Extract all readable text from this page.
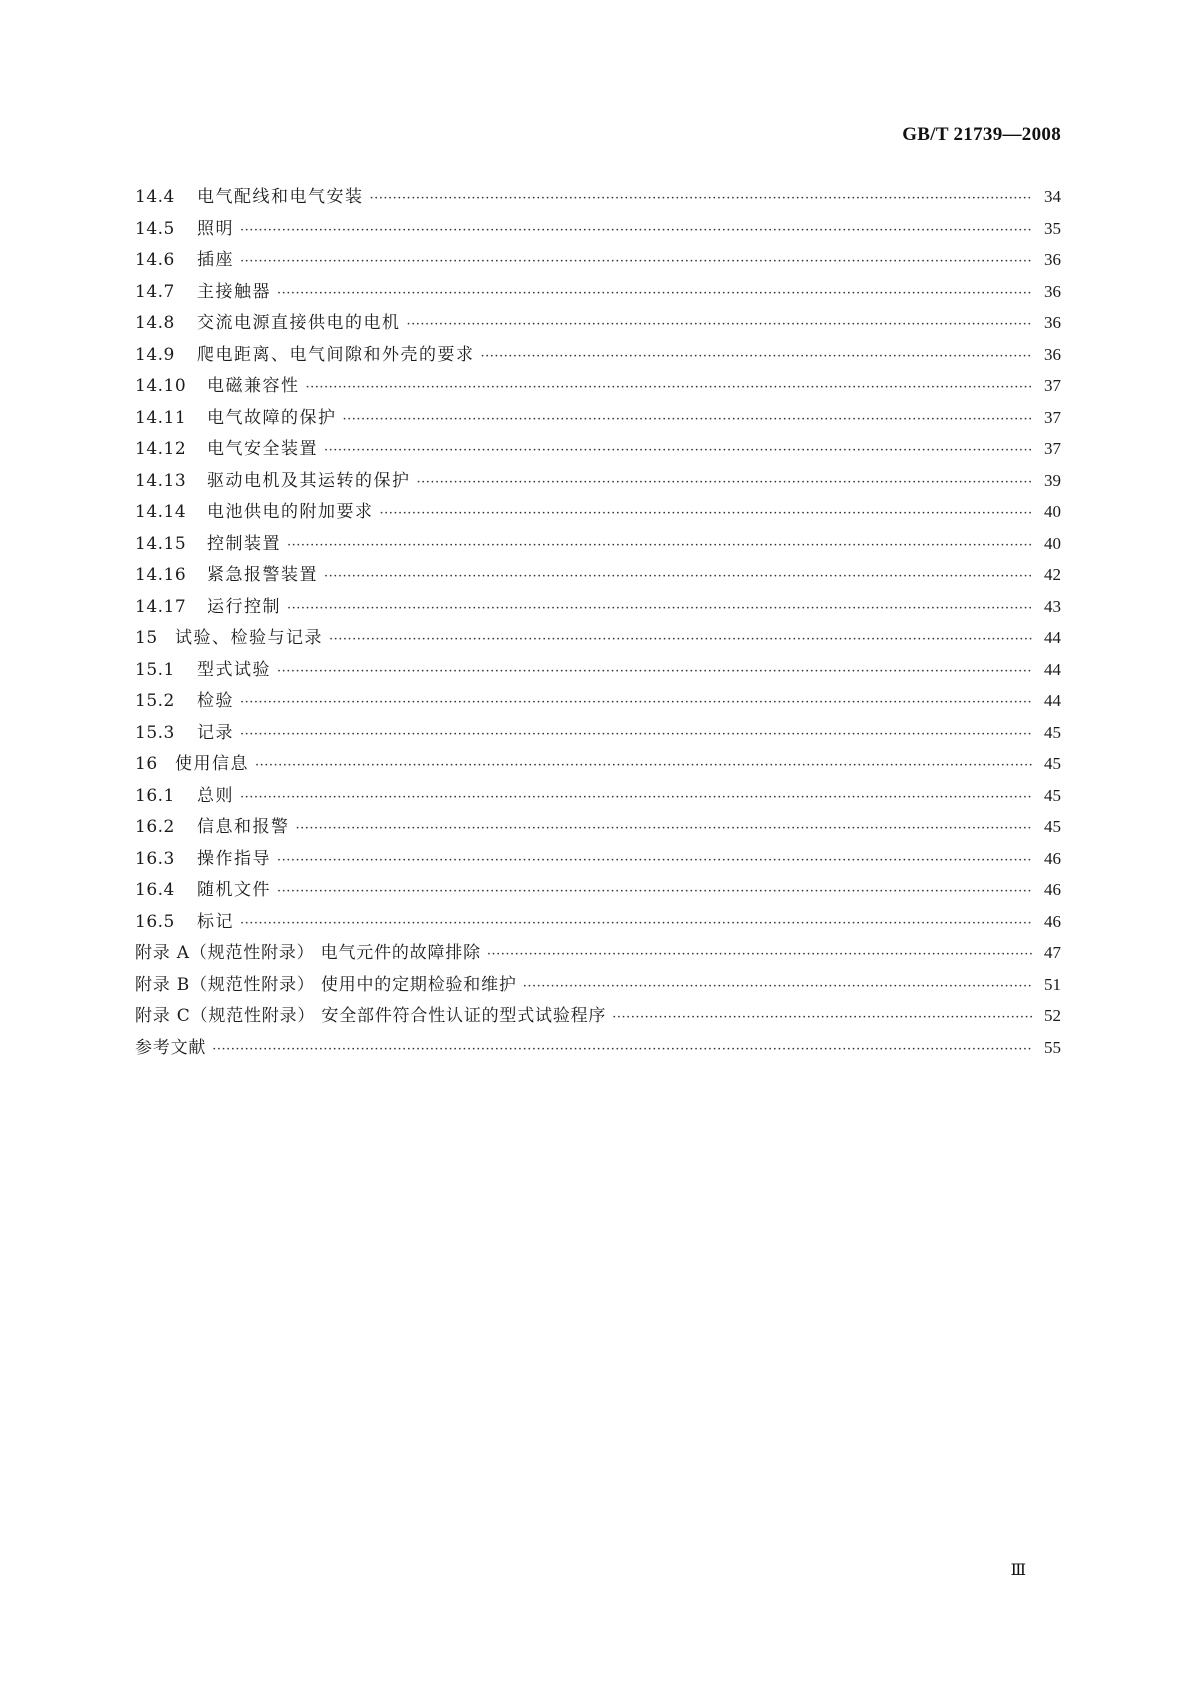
GB/T 21739—2008
14.4	电气配线和电气安装 ·····	34
14.5	照明 ·····	35
14.6	插座 ·····	36
14.7	主接触器 ·····	36
14.8	交流电源直接供电的电机 ·····	36
14.9	爬电距离、电气间隙和外壳的要求 ·····	36
14.10	电磁兼容性 ·····	37
14.11	电气故障的保护 ·····	37
14.12	电气安全装置 ·····	37
14.13	驱动电机及其运转的保护 ·····	39
14.14	电池供电的附加要求 ·····	40
14.15	控制装置 ·····	40
14.16	紧急报警装置 ·····	42
14.17	运行控制 ·····	43
15	试验、检验与记录 ·····	44
15.1	型式试验 ·····	44
15.2	检验 ·····	44
15.3	记录 ·····	45
16	使用信息 ·····	45
16.1	总则 ·····	45
16.2	信息和报警 ·····	45
16.3	操作指导 ·····	46
16.4	随机文件 ·····	46
16.5	标记 ·····	46
附录 A（规范性附录） 电气元件的故障排除 ·····	47
附录 B（规范性附录） 使用中的定期检验和维护 ·····	51
附录 C（规范性附录） 安全部件符合性认证的型式试验程序 ·····	52
参考文献 ·····	55
Ⅲ
